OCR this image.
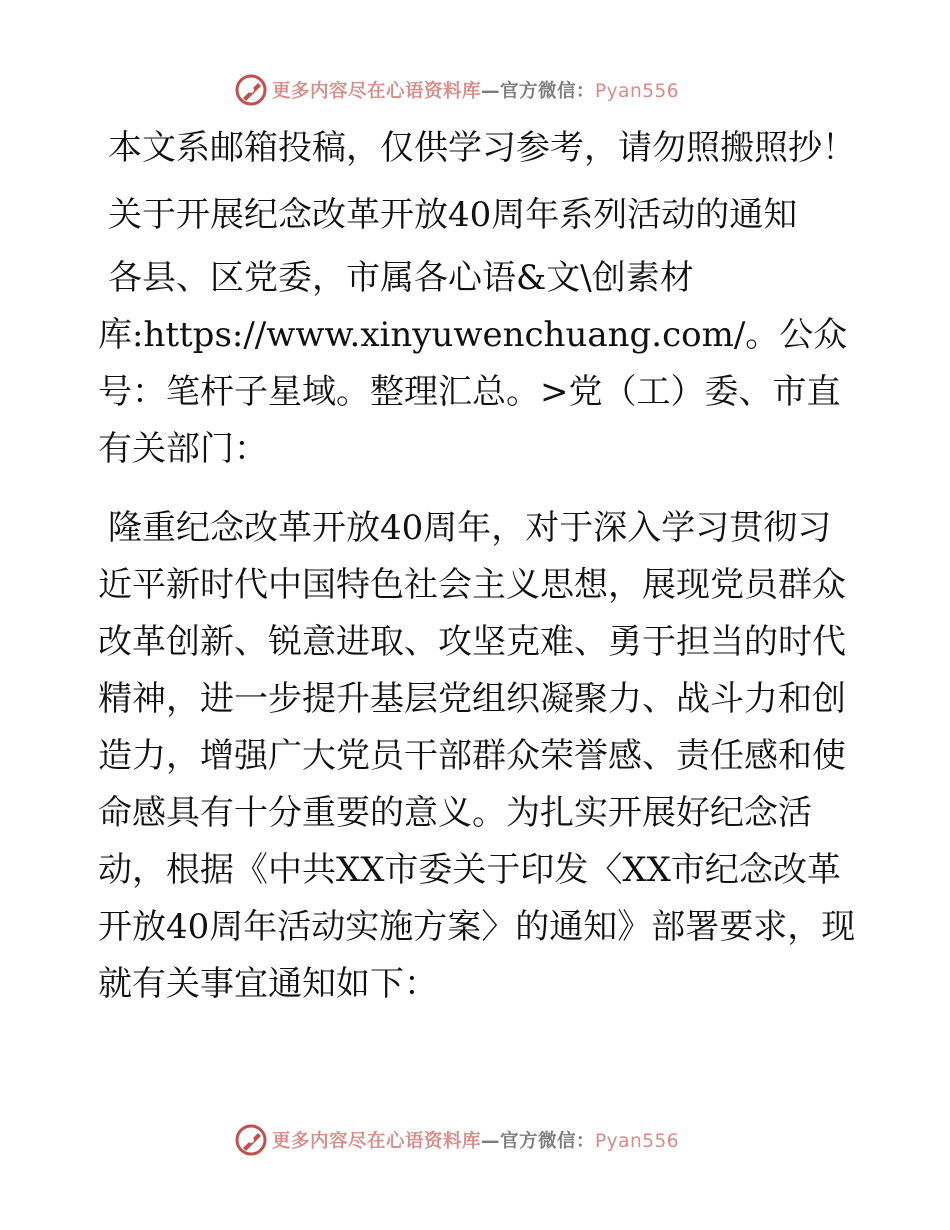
更多内容尽在心语资料库—官方微信：Pyan556

本文系邮箱投稿，仅供学习参考，请勿照搬照抄！

关于开展纪念改革开放40周年系列活动的通知

各县、区党委，市属各心语&文\创素材库:https://www.xinyuwenchuang.com/。公众号：笔杆子星域。整理汇总。>党（工）委、市直有关部门：

隆重纪念改革开放40周年，对于深入学习贯彻习近平新时代中国特色社会主义思想，展现党员群众改革创新、锐意进取、攻坚克难、勇于担当的时代精神，进一步提升基层党组织凝聚力、战斗力和创造力，增强广大党员干部群众荣誉感、责任感和使命感具有十分重要的意义。为扎实开展好纪念活动，根据《中共XX市委关于印发〈XX市纪念改革开放40周年活动实施方案〉的通知》部署要求，现就有关事宜通知如下：

更多内容尽在心语资料库—官方微信：Pyan556
